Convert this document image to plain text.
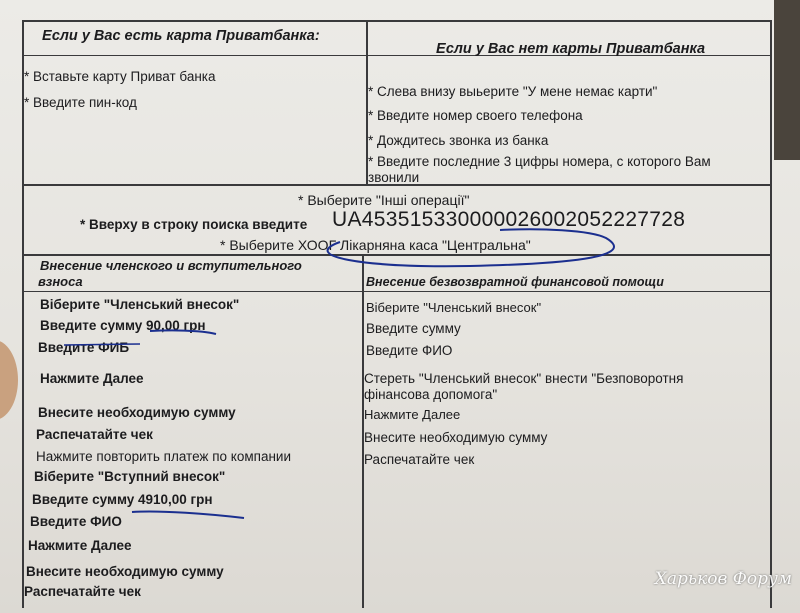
Если у Вас есть карта Приватбанка:
Если у Вас нет карты Приватбанка
* Вставьте карту Приват банка
* Введите пин-код
* Слева внизу выьерите "У мене немає карти"
* Введите номер своего телефона
* Дождитесь звонка из банка
* Введите последние 3 цифры номера, с которого Вам
звонили
* Выберите "Інші операції"
* Вверху в строку поиска введите UA453515330000026002052227728
* Выберите ХООГ Лікарняна каса "Центральна"
Внесение членского и вступительного
взноса	Внесение безвозвратной финансовой помощи
Віберите "Членський внесок"
Введите сумму 90,00 грн
Введите ФИБ
Нажмите Далее
Внесите необходимую сумму
Распечатайте чек
Нажмите повторить платеж по компании
Віберите "Вступний внесок"
Введите сумму 4910,00 грн
Введите ФИО
Нажмите Далее
Внесите необходимую сумму
Распечатайте чек
Віберите "Членський внесок"
Введите сумму
Введите ФИО
Стереть "Членський внесок" внести "Безповоротня
фінансова допомога"
Нажмите Далее
Внесите необходимую сумму
Распечатайте чек
Харьков Форум
